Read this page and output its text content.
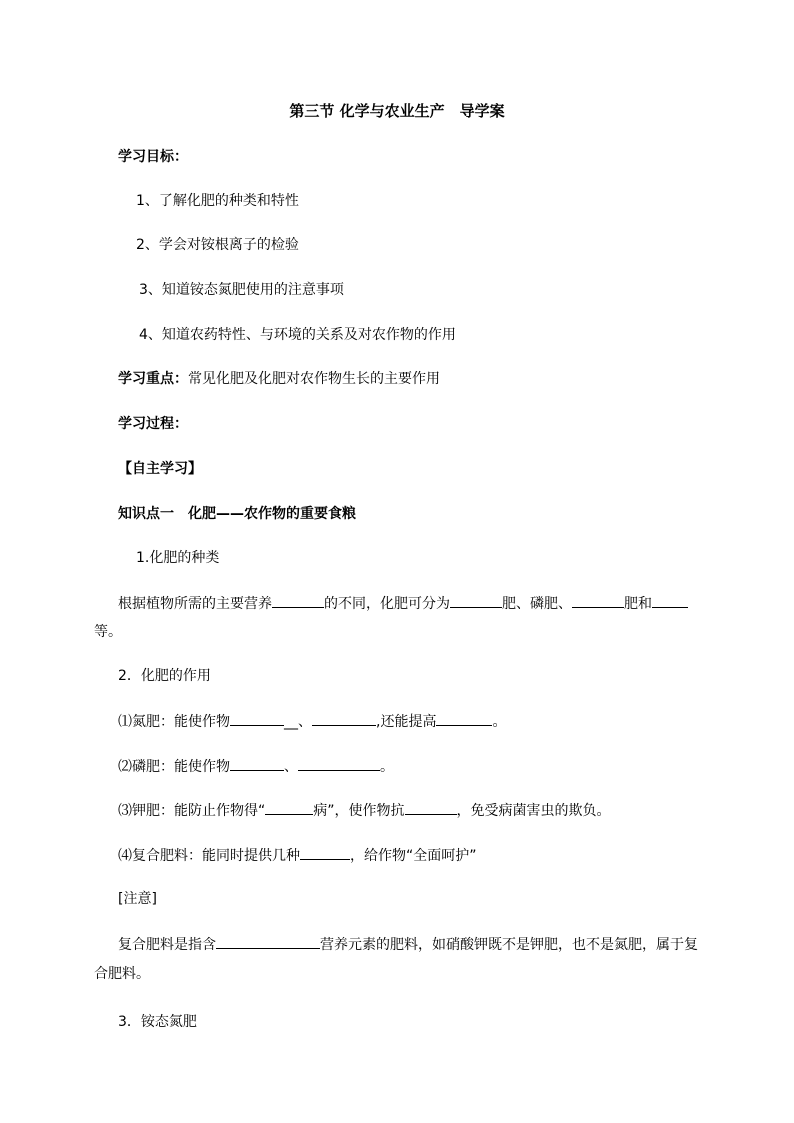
第三节 化学与农业生产　导学案
学习目标：
1、了解化肥的种类和特性
2、学会对铵根离子的检验
3、知道铵态氮肥使用的注意事项
4、知道农药特性、与环境的关系及对农作物的作用
学习重点：常见化肥及化肥对农作物生长的主要作用
学习过程：
【自主学习】
知识点一　化肥——农作物的重要食粮
1.化肥的种类
根据植物所需的主要营养	的不同，化肥可分为	肥、磷肥、	肥和
等。
2．化肥的作用
⑴氮肥：能使作物	__、	,还能提高	。
⑵磷肥：能使作物	、	。
⑶钾肥：能防止作物得“	病”，使作物抗	，免受病菌害虫的欺负。
⑷复合肥料：能同时提供几种	，给作物“全面呵护”
[注意]
复合肥料是指含	营养元素的肥料，如硝酸钾既不是钾肥，也不是氮肥，属于复
合肥料。
3．铵态氮肥
